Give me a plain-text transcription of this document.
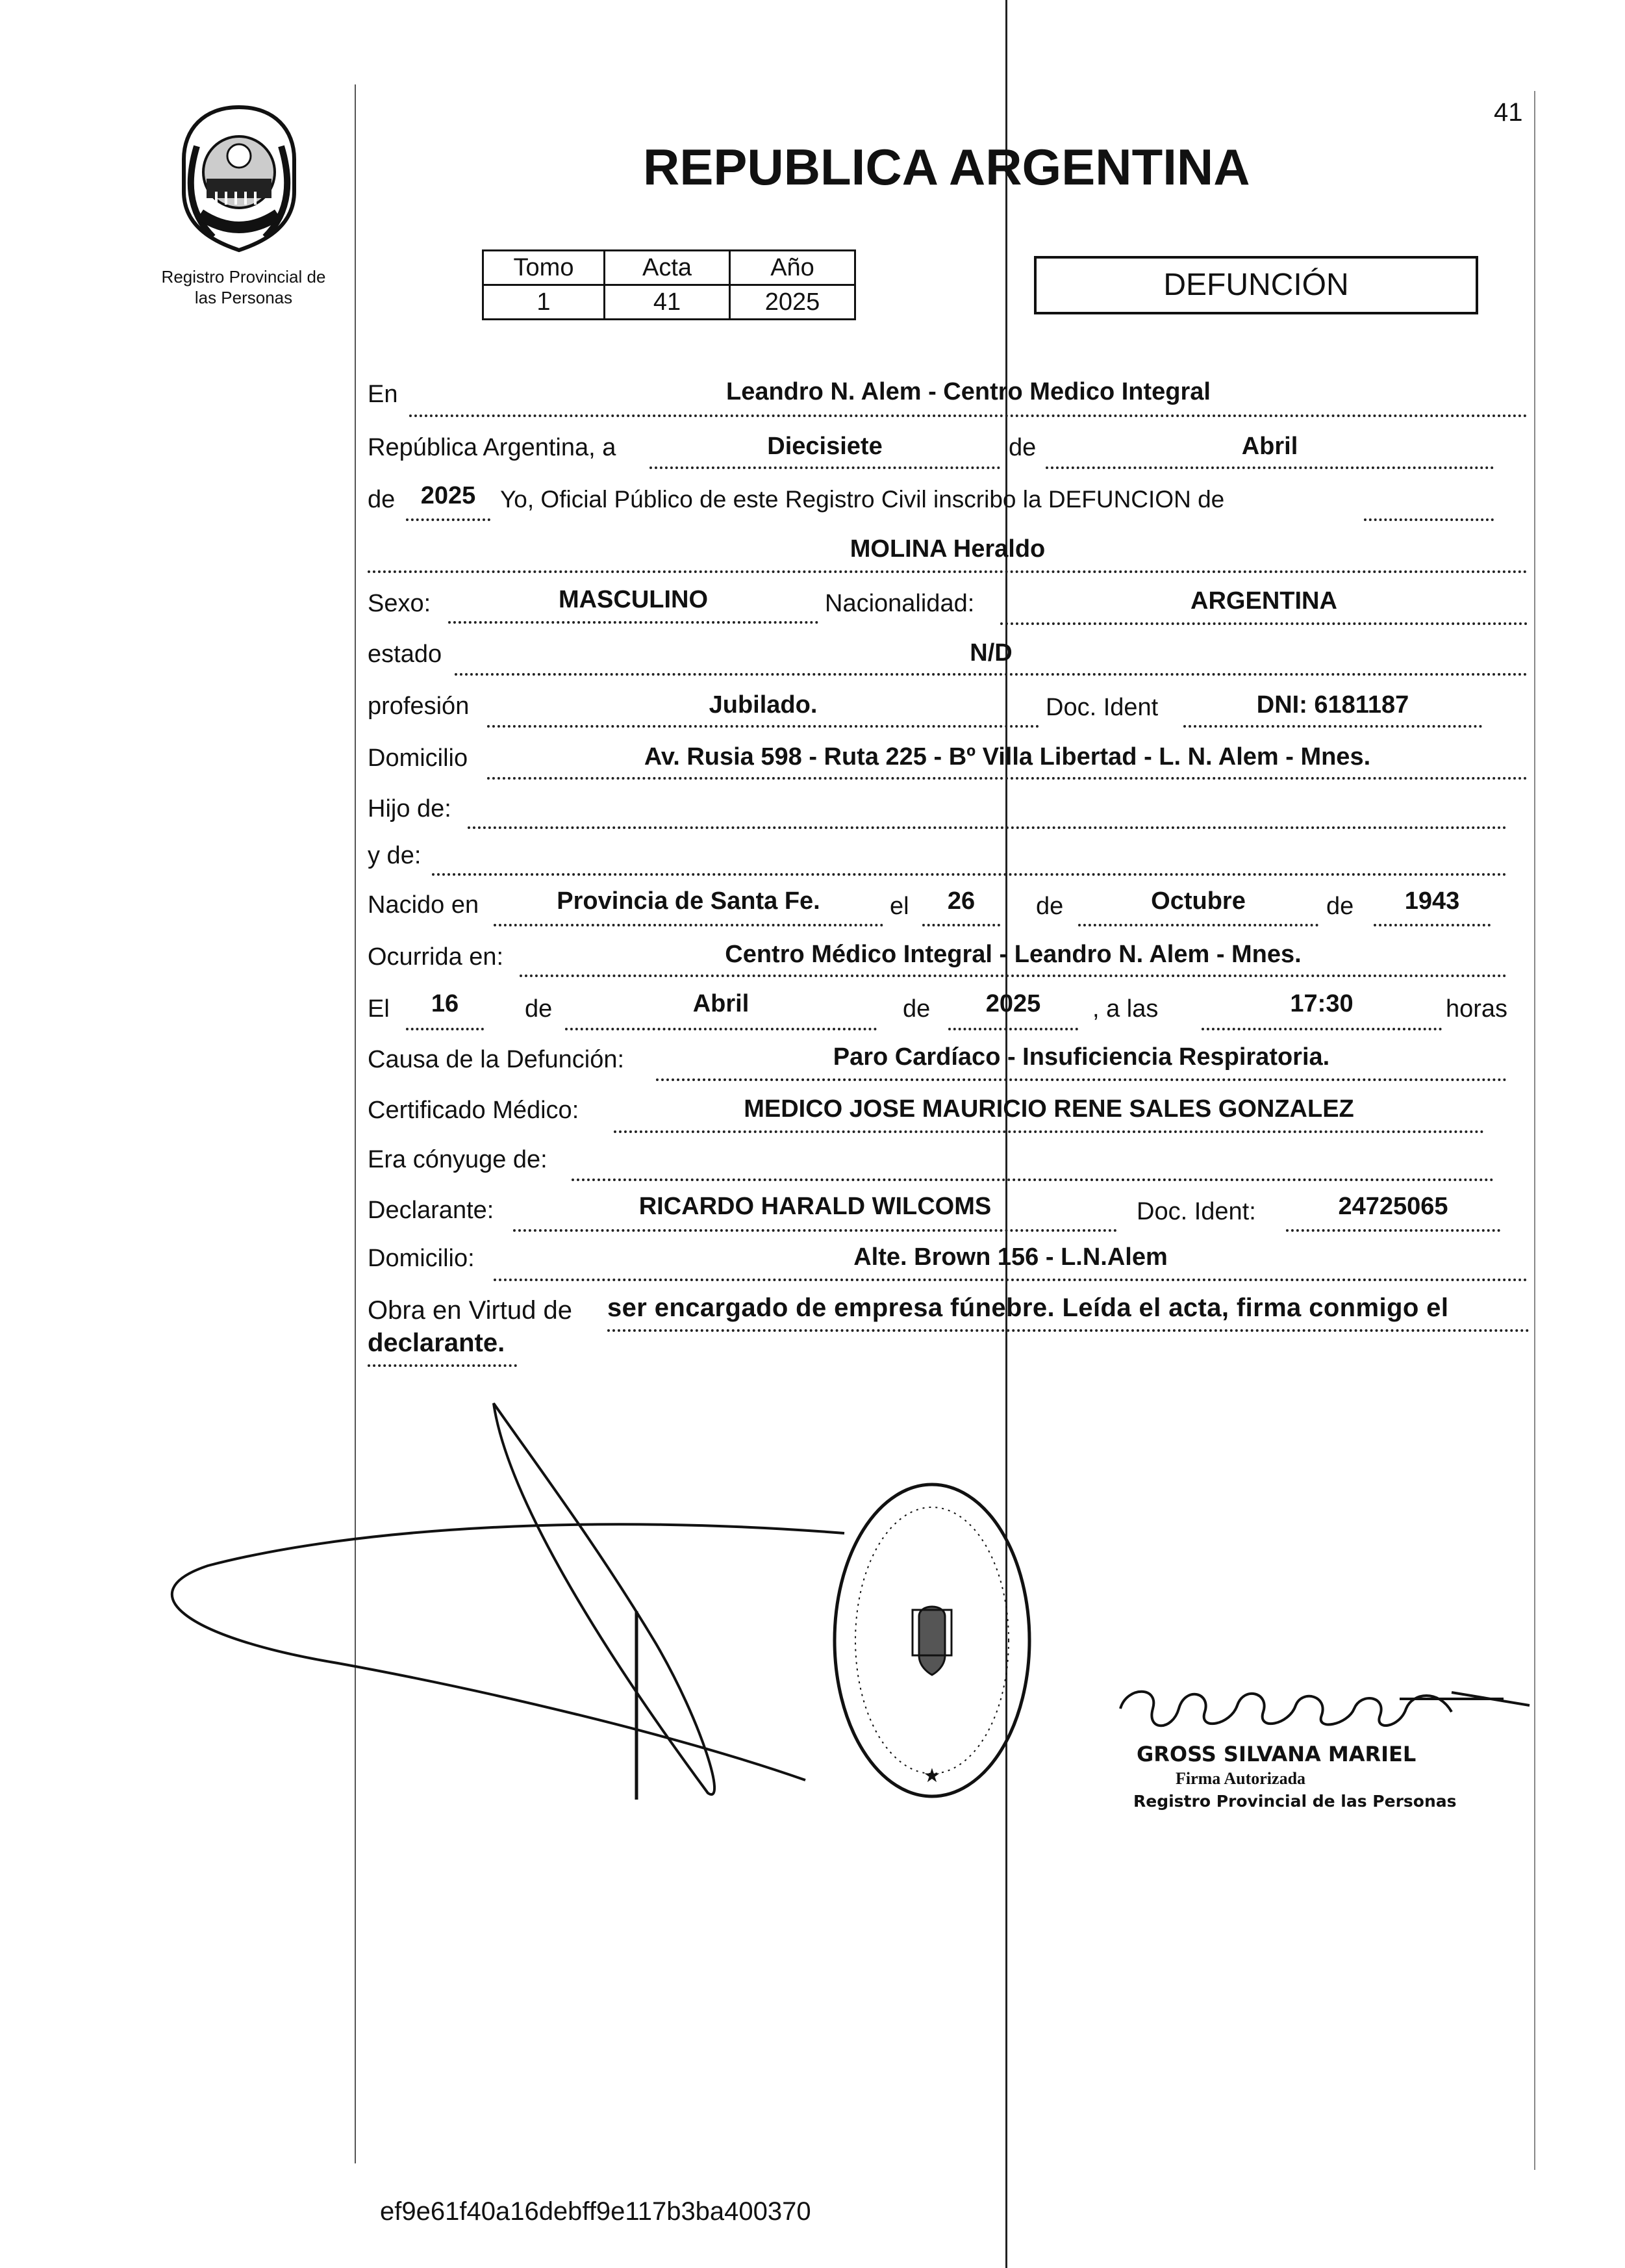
41
Registro Provincial de
las Personas
REPUBLICA ARGENTINA
Tomo	Acta	Año
1	41	2025	DEFUNCIÓN
En	Leandro N. Alem - Centro Medico Integral
República Argentina, a	Diecisiete	de	Abril
de	2025	Yo, Oficial Público de este Registro Civil inscribo la DEFUNCION de
MOLINA Heraldo
Sexo:	MASCULINO	Nacionalidad:	ARGENTINA
estado	N/D
profesión	Jubilado.	Doc. Ident	DNI: 6181187
Domicilio	Av. Rusia 598 - Ruta 225 - Bº Villa Libertad - L. N. Alem - Mnes.
Hijo de:
y de:
Nacido en	Provincia de Santa Fe.	el	26	de	Octubre	de	1943
Ocurrida en:	Centro Médico Integral - Leandro N. Alem - Mnes.
El	16	de	Abril	de	2025	, a las	17:30	horas
Causa de la Defunción:	Paro Cardíaco - Insuficiencia Respiratoria.
Certificado Médico:	MEDICO JOSE MAURICIO RENE SALES GONZALEZ
Era cónyuge de:
Declarante:	RICARDO HARALD WILCOMS	Doc. Ident:	24725065
Domicilio:	Alte. Brown 156 - L.N.Alem
Obra en Virtud de ser encargado de empresa fúnebre. Leída el acta, firma conmigo el
declarante.
★
GROSS SILVANA MARIEL
Firma Autorizada
Registro Provincial de las Personas
ef9e61f40a16debff9e117b3ba400370
